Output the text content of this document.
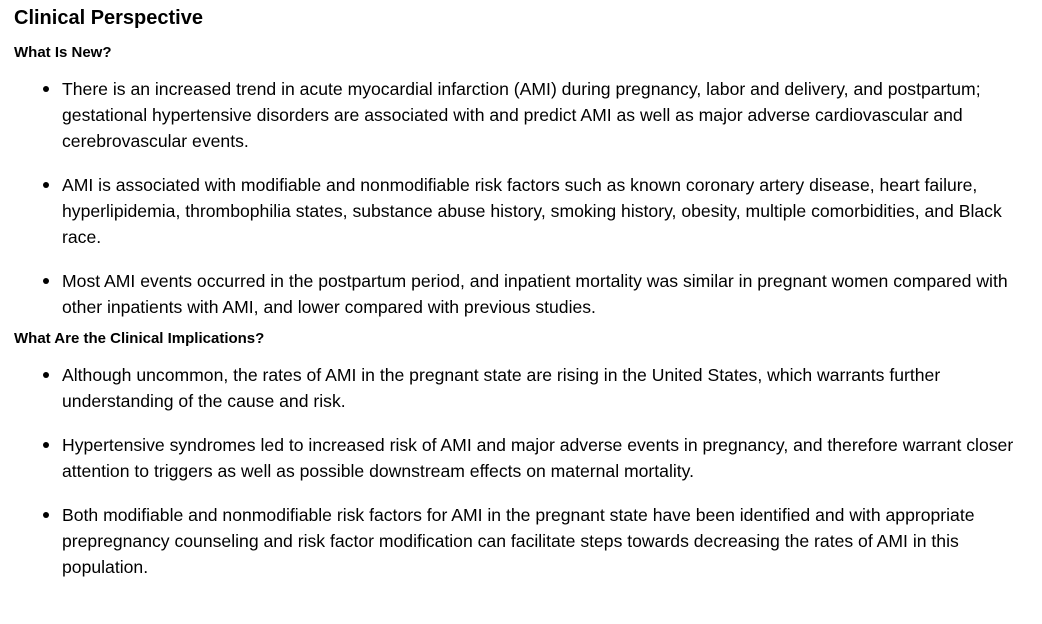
Clinical Perspective
What Is New?
There is an increased trend in acute myocardial infarction (AMI) during pregnancy, labor and delivery, and postpartum; gestational hypertensive disorders are associated with and predict AMI as well as major adverse cardiovascular and cerebrovascular events.
AMI is associated with modifiable and nonmodifiable risk factors such as known coronary artery disease, heart failure, hyperlipidemia, thrombophilia states, substance abuse history, smoking history, obesity, multiple comorbidities, and Black race.
Most AMI events occurred in the postpartum period, and inpatient mortality was similar in pregnant women compared with other inpatients with AMI, and lower compared with previous studies.
What Are the Clinical Implications?
Although uncommon, the rates of AMI in the pregnant state are rising in the United States, which warrants further understanding of the cause and risk.
Hypertensive syndromes led to increased risk of AMI and major adverse events in pregnancy, and therefore warrant closer attention to triggers as well as possible downstream effects on maternal mortality.
Both modifiable and nonmodifiable risk factors for AMI in the pregnant state have been identified and with appropriate prepregnancy counseling and risk factor modification can facilitate steps towards decreasing the rates of AMI in this population.
